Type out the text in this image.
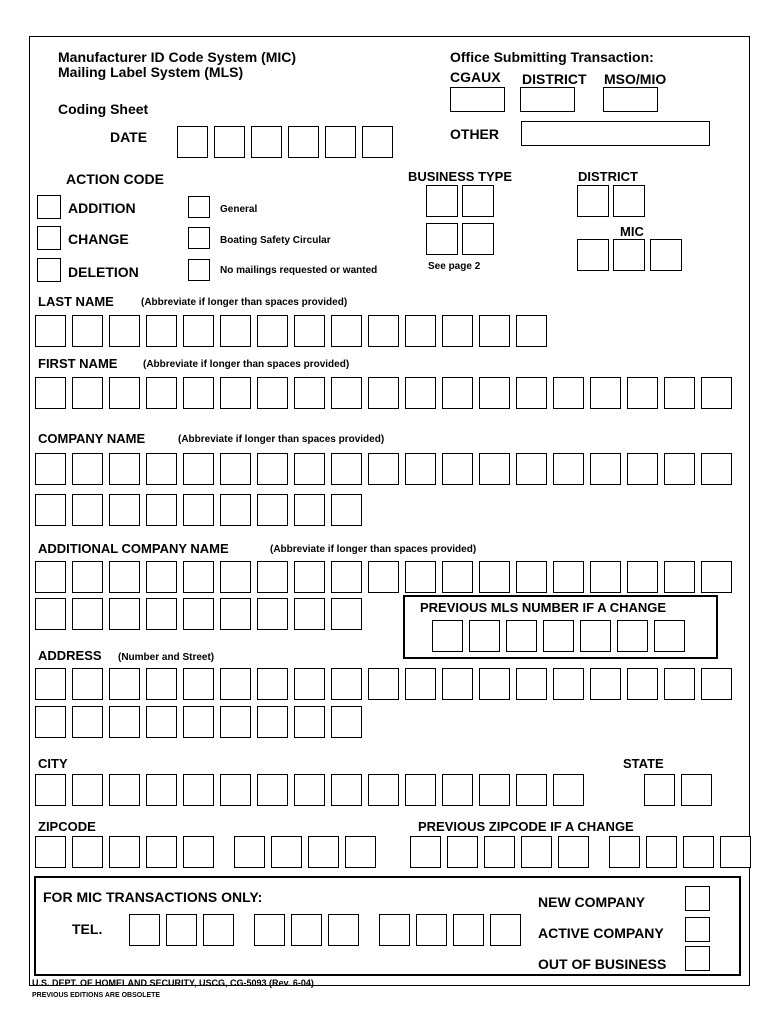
Manufacturer ID Code System (MIC)
Mailing Label System (MLS)
Coding Sheet
DATE
Office Submitting Transaction:
CGAUX DISTRICT MSO/MIO
OTHER
ACTION CODE
ADDITION
CHANGE
DELETION
General
Boating Safety Circular
No mailings requested or wanted
BUSINESS TYPE
See page 2
DISTRICT
MIC
LAST NAME	(Abbreviate if longer than spaces provided)
FIRST NAME	(Abbreviate if longer than spaces provided)
COMPANY NAME	(Abbreviate if longer than spaces provided)
ADDITIONAL COMPANY NAME	(Abbreviate if longer than spaces provided)
PREVIOUS MLS NUMBER IF A CHANGE
ADDRESS (Number and Street)
CITY	STATE
ZIPCODE	PREVIOUS ZIPCODE IF A CHANGE
FOR MIC TRANSACTIONS ONLY:
TEL.
NEW COMPANY
ACTIVE COMPANY
OUT OF BUSINESS
U.S. DEPT. OF HOMELAND SECURITY, USCG, CG-5093 (Rev. 6-04)
PREVIOUS EDITIONS ARE OBSOLETE
